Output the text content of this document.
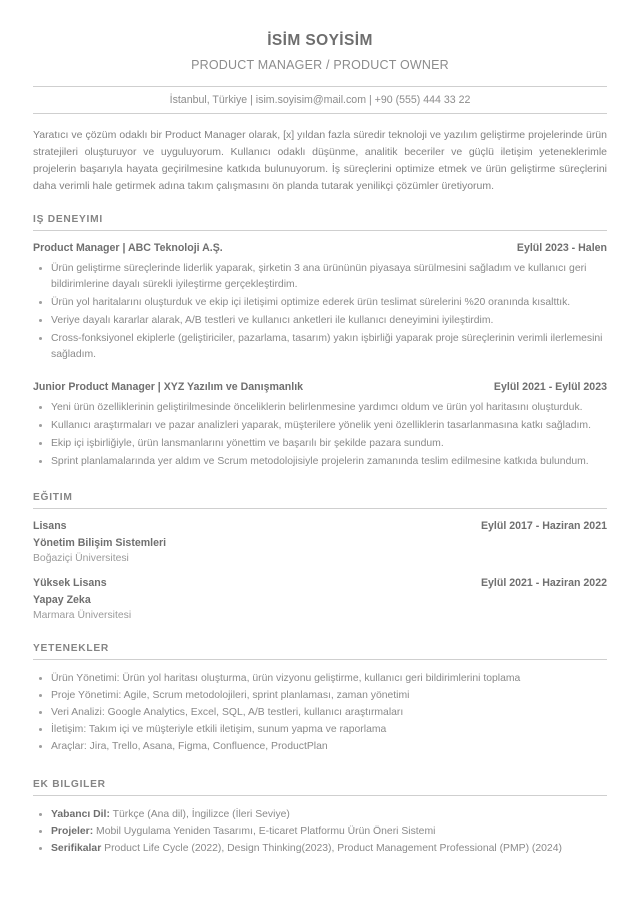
İSİM SOYİSİM
PRODUCT MANAGER / PRODUCT OWNER
İstanbul, Türkiye | isim.soyisim@mail.com | +90 (555) 444 33 22

Yaratıcı ve çözüm odaklı bir Product Manager olarak, [x] yıldan fazla süredir teknoloji ve yazılım geliştirme projelerinde ürün stratejileri oluşturuyor ve uyguluyorum. Kullanıcı odaklı düşünme, analitik beceriler ve güçlü iletişim yeteneklerimle projelerin başarıyla hayata geçirilmesine katkıda bulunuyorum. İş süreçlerini optimize etmek ve ürün geliştirme süreçlerini daha verimli hale getirmek adına takım çalışmasını ön planda tutarak yenilikçi çözümler üretiyorum.

IŞ DENEYIMI
Product Manager | ABC Teknoloji A.Ş.	Eylül 2023 - Halen
Ürün geliştirme süreçlerinde liderlik yaparak, şirketin 3 ana ürününün piyasaya sürülmesini sağladım ve kullanıcı geri bildirimlerine dayalı sürekli iyileştirme gerçekleştirdim.
Ürün yol haritalarını oluşturduk ve ekip içi iletişimi optimize ederek ürün teslimat sürelerini %20 oranında kısalttık.
Veriye dayalı kararlar alarak, A/B testleri ve kullanıcı anketleri ile kullanıcı deneyimini iyileştirdim.
Cross-fonksiyonel ekiplerle (geliştiriciler, pazarlama, tasarım) yakın işbirliği yaparak proje süreçlerinin verimli ilerlemesini sağladım.
Junior Product Manager | XYZ Yazılım ve Danışmanlık	Eylül 2021 - Eylül 2023
Yeni ürün özelliklerinin geliştirilmesinde önceliklerin belirlenmesine yardımcı oldum ve ürün yol haritasını oluşturduk.
Kullanıcı araştırmaları ve pazar analizleri yaparak, müşterilere yönelik yeni özelliklerin tasarlanmasına katkı sağladım.
Ekip içi işbirliğiyle, ürün lansmanlarını yönettim ve başarılı bir şekilde pazara sundum.
Sprint planlamalarında yer aldım ve Scrum metodolojisiyle projelerin zamanında teslim edilmesine katkıda bulundum.
EĞITIM
Lisans	Eylül 2017 - Haziran 2021
Yönetim Bilişim Sistemleri
Boğaziçi Üniversitesi
Yüksek Lisans	Eylül 2021 - Haziran 2022
Yapay Zeka
Marmara Üniversitesi
YETENEKLER
Ürün Yönetimi: Ürün yol haritası oluşturma, ürün vizyonu geliştirme, kullanıcı geri bildirimlerini toplama
Proje Yönetimi: Agile, Scrum metodolojileri, sprint planlaması, zaman yönetimi
Veri Analizi: Google Analytics, Excel, SQL, A/B testleri, kullanıcı araştırmaları
İletişim: Takım içi ve müşteriyle etkili iletişim, sunum yapma ve raporlama
Araçlar: Jira, Trello, Asana, Figma, Confluence, ProductPlan
EK BILGILER
Yabancı Dil: Türkçe (Ana dil), İngilizce (İleri Seviye)
Projeler: Mobil Uygulama Yeniden Tasarımı, E-ticaret Platformu Ürün Öneri Sistemi
Serifikalar Product Life Cycle (2022), Design Thinking(2023), Product Management Professional (PMP) (2024)
